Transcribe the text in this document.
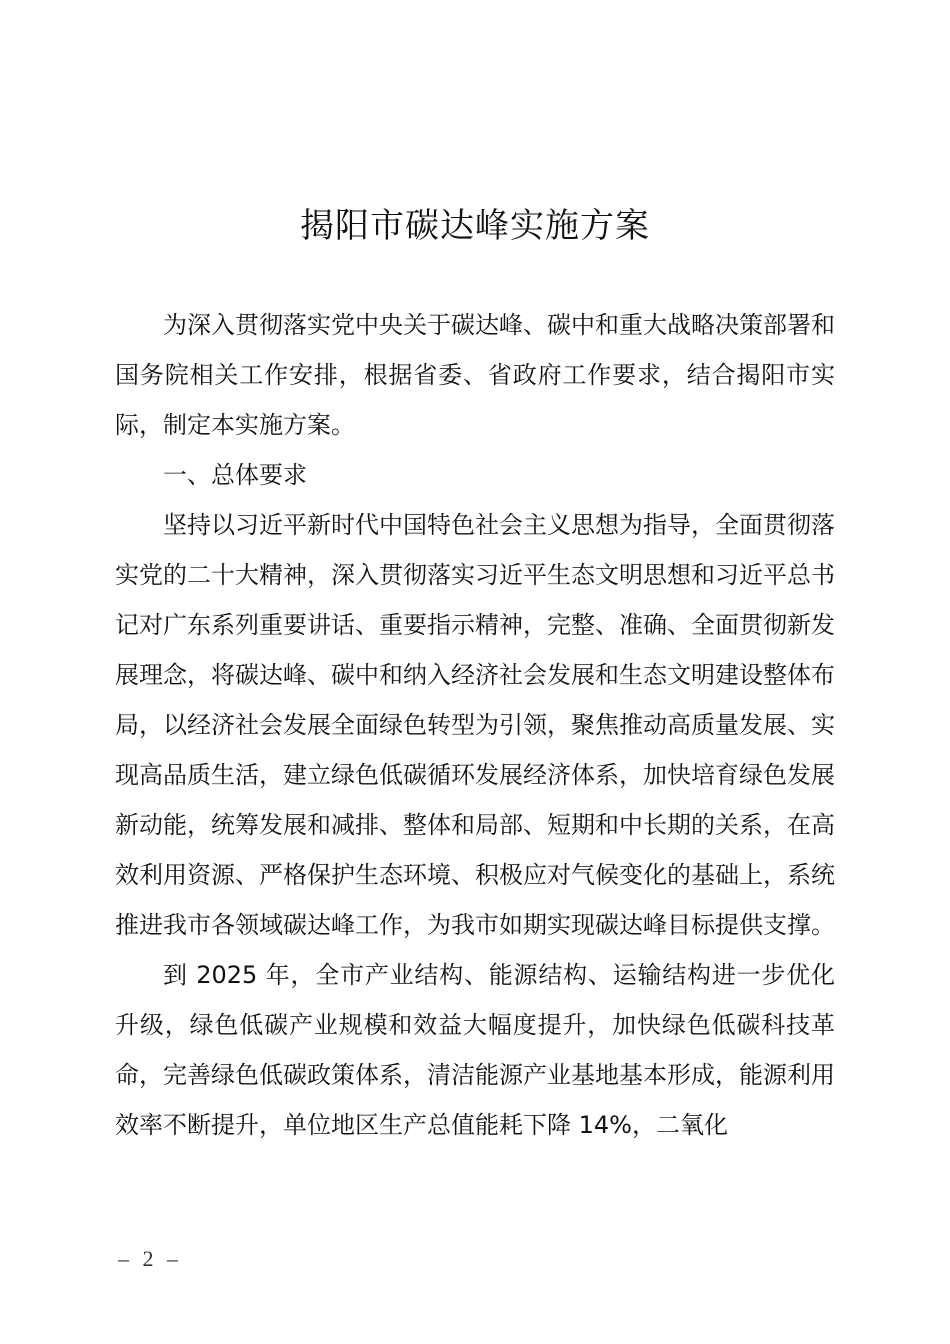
揭阳市碳达峰实施方案

为深入贯彻落实党中央关于碳达峰、碳中和重大战略决策部署和国务院相关工作安排，根据省委、省政府工作要求，结合揭阳市实际，制定本实施方案。

一、总体要求

坚持以习近平新时代中国特色社会主义思想为指导，全面贯彻落实党的二十大精神，深入贯彻落实习近平生态文明思想和习近平总书记对广东系列重要讲话、重要指示精神，完整、准确、全面贯彻新发展理念，将碳达峰、碳中和纳入经济社会发展和生态文明建设整体布局，以经济社会发展全面绿色转型为引领，聚焦推动高质量发展、实现高品质生活，建立绿色低碳循环发展经济体系，加快培育绿色发展新动能，统筹发展和减排、整体和局部、短期和中长期的关系，在高效利用资源、严格保护生态环境、积极应对气候变化的基础上，系统推进我市各领域碳达峰工作，为我市如期实现碳达峰目标提供支撑。

到 2025 年，全市产业结构、能源结构、运输结构进一步优化升级，绿色低碳产业规模和效益大幅度提升，加快绿色低碳科技革命，完善绿色低碳政策体系，清洁能源产业基地基本形成，能源利用效率不断提升，单位地区生产总值能耗下降 14%，二氧化

– 2 –
